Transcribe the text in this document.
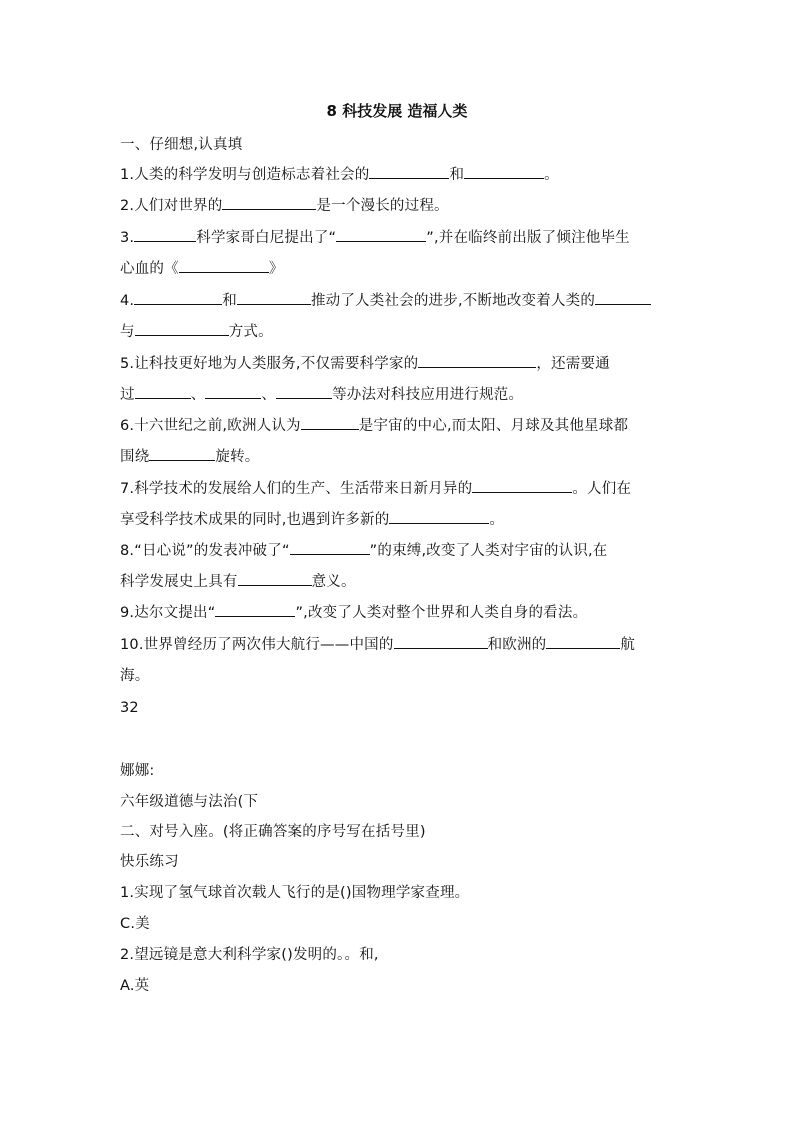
8 科技发展 造福人类
一、仔细想,认真填
1.人类的科学发明与创造标志着社会的	和	。
2.人们对世界的	是一个漫长的过程。
3.	科学家哥白尼提出了“	”,并在临终前出版了倾注他毕生
心血的《	》
4.	和	推动了人类社会的进步,不断地改变着人类的
与	方式。
5.让科技更好地为人类服务,不仅需要科学家的	，还需要通
过	、	、	等办法对科技应用进行规范。
6.十六世纪之前,欧洲人认为	是宇宙的中心,而太阳、月球及其他星球都
围绕	旋转。
7.科学技术的发展给人们的生产、生活带来日新月异的	。人们在
享受科学技术成果的同时,也遇到许多新的	。
8.“日心说”的发表冲破了“	”的束缚,改变了人类对宇宙的认识,在
科学发展史上具有	意义。
9.达尔文提出“	”,改变了人类对整个世界和人类自身的看法。
10.世界曾经历了两次伟大航行——中国的	和欧洲的	航
海。
32
娜娜:
六年级道德与法治(下
二、对号入座。(将正确答案的序号写在括号里)
快乐练习
1.实现了氢气球首次载人飞行的是()国物理学家查理。
C.美
2.望远镜是意大利科学家()发明的。。和,
A.英
